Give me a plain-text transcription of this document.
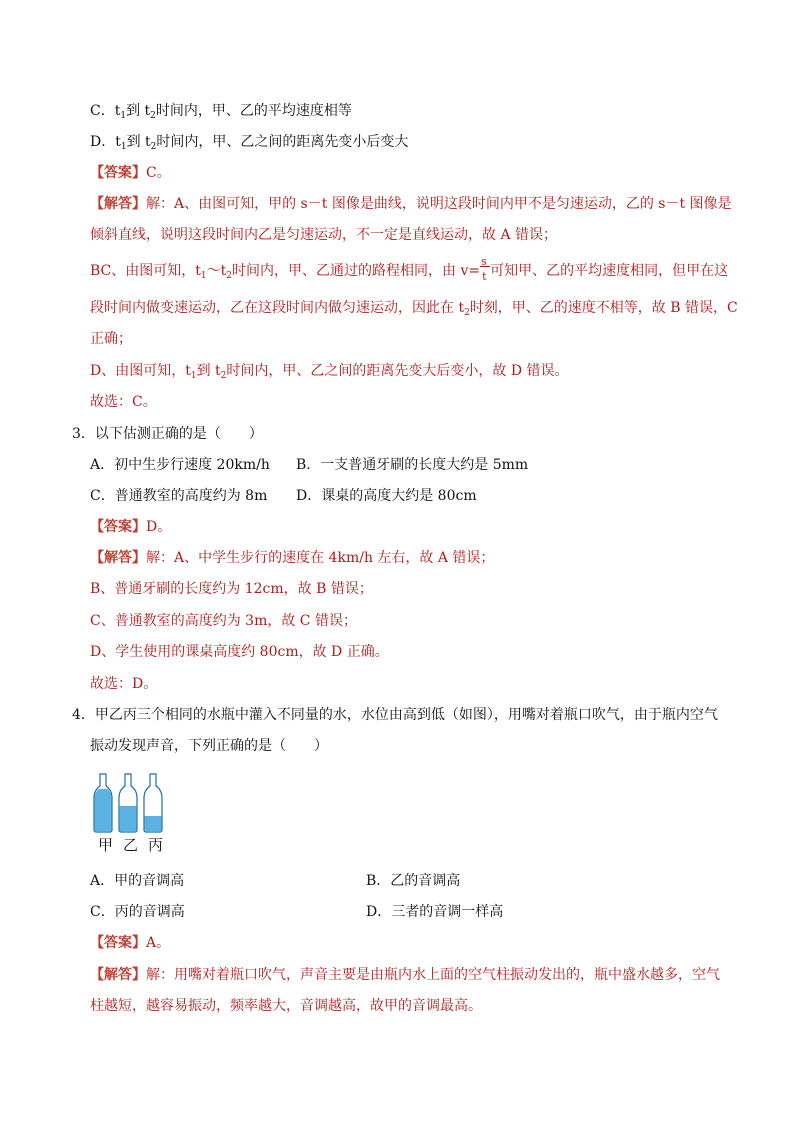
C．$t_1$到 $t_2$时间内，甲、乙的平均速度相等
D．$t_1$到 $t_2$时间内，甲、乙之间的距离先变小后变大
【答案】C。
【解答】解：A、由图可知，甲的 s－t 图像是曲线，说明这段时间内甲不是匀速运动，乙的 s－t 图像是
倾斜直线，说明这段时间内乙是匀速运动，不一定是直线运动，故 A 错误；
BC、由图可知，$t_1\sim t_2$时间内，甲、乙通过的路程相同，由 $v= \frac{s}{t}$ 可知甲、乙的平均速度相同，但甲在这
段时间内做变速运动，乙在这段时间内做匀速运动，因此在 $t_2$时刻，甲、乙的速度不相等，故 B 错误，C
正确；
D、由图可知，$t_1$到 $t_2$时间内，甲、乙之间的距离先变大后变小，故 D 错误。
故选：C。
3．以下估测正确的是（　　）
A．初中生步行速度 20km/h B．一支普通牙刷的长度大约是 5mm
C．普通教室的高度约为 8m D．课桌的高度大约是 80cm
【答案】D。
【解答】解：A、中学生步行的速度在 4km/h 左右，故 A 错误；
B、普通牙刷的长度约为 12cm，故 B 错误；
C、普通教室的高度约为 3m，故 C 错误；
D、学生使用的课桌高度约 80cm，故 D 正确。
故选：D。
4．甲乙丙三个相同的水瓶中灌入不同量的水，水位由高到低（如图），用嘴对着瓶口吹气，由于瓶内空气
振动发现声音，下列正确的是（　　）
甲乙丙
A．甲的音调高	B．乙的音调高
C．丙的音调高	D．三者的音调一样高
【答案】A。
【解答】解：用嘴对着瓶口吹气，声音主要是由瓶内水上面的空气柱振动发出的，瓶中盛水越多，空气
柱越短，越容易振动，频率越大，音调越高，故甲的音调最高。
